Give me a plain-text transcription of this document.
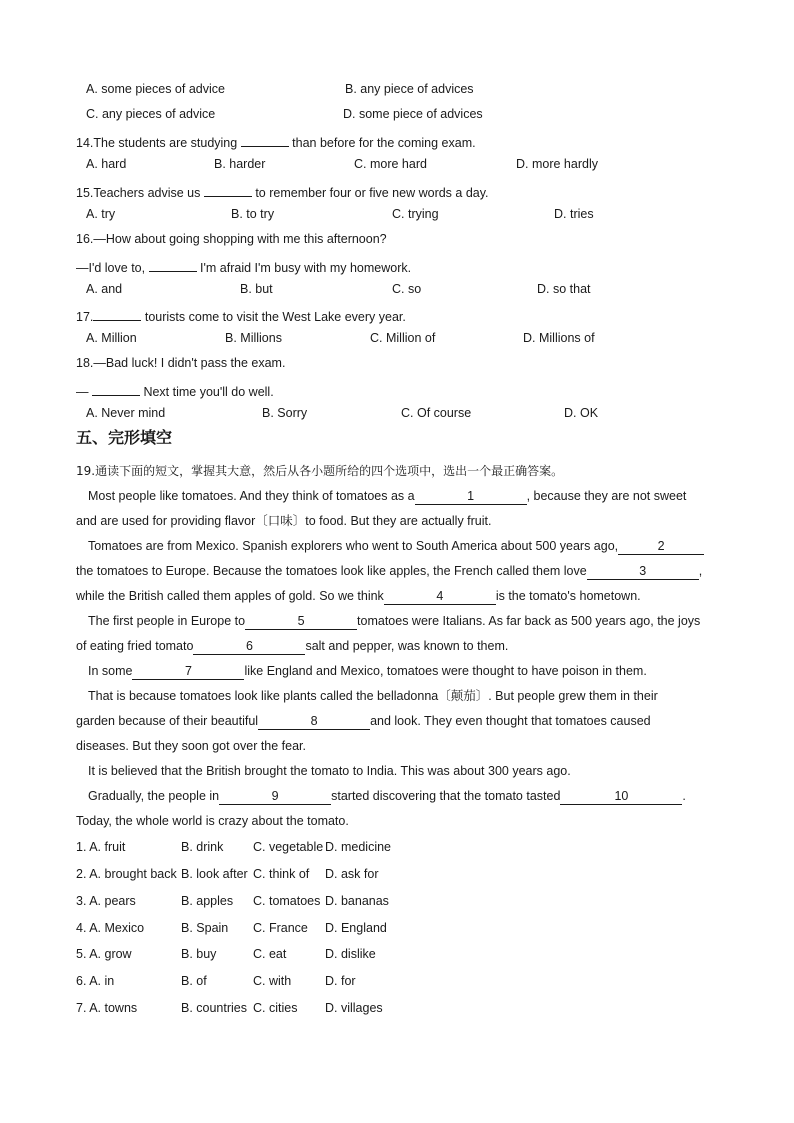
A. some pieces of advice	B. any piece of advices
C. any pieces of advice	D. some piece of advices
14.The students are studying	than before for the coming exam.
A. hard	B. harder	C. more hard	D. more hardly
15.Teachers advise us	to remember four or five new words a day.
A. try	B. to try	C. trying	D. tries
16.—How about going shopping with me this afternoon?
—I'd love to,	I'm afraid I'm busy with my homework.
A. and	B. but	C. so	D. so that
17.	tourists come to visit the West Lake every year.
A. Million	B. Millions	C. Million of	D. Millions of
18.—Bad luck! I didn't pass the exam.
—	Next time you'll do well.
A. Never mind	B. Sorry	C. Of course	D. OK
五、完形填空
19.通读下面的短文，掌握其大意，然后从各小题所给的四个选项中，选出一个最正确答案。
Most people like tomatoes. And they think of tomatoes as a	1	, because they are not sweet
and are used for providing flavor〔口味〕to food. But they are actually fruit.
Tomatoes are from Mexico. Spanish explorers who went to South America about 500 years ago,	2
the tomatoes to Europe. Because the tomatoes look like apples, the French called them love	3	,
while the British called them apples of gold. So we think	4	is the tomato's hometown.
The first people in Europe to	5	tomatoes were Italians. As far back as 500 years ago, the joys
of eating fried tomato	6	salt and pepper, was known to them.
In some	7	like England and Mexico, tomatoes were thought to have poison in them.
That is because tomatoes look like plants called the belladonna〔颠茄〕. But people grew them in their
garden because of their beautiful	8	and look. They even thought that tomatoes caused
diseases. But they soon got over the fear.
It is believed that the British brought the tomato to India. This was about 300 years ago.
Gradually, the people in	9	started discovering that the tomato tasted	10	.
Today, the whole world is crazy about the tomato.
1. A. fruit	B. drink C. vegetable D. medicine
2. A. brought back B. look after C. think of D. ask for
3. A. pears	B. apples C. tomatoes D. bananas
4. A. Mexico	B. Spain C. France D. England
5. A. grow	B. buy	C. eat	D. dislike
6. A. in	B. of	C. with	D. for
7. A. towns	B. countries C. cities D. villages
